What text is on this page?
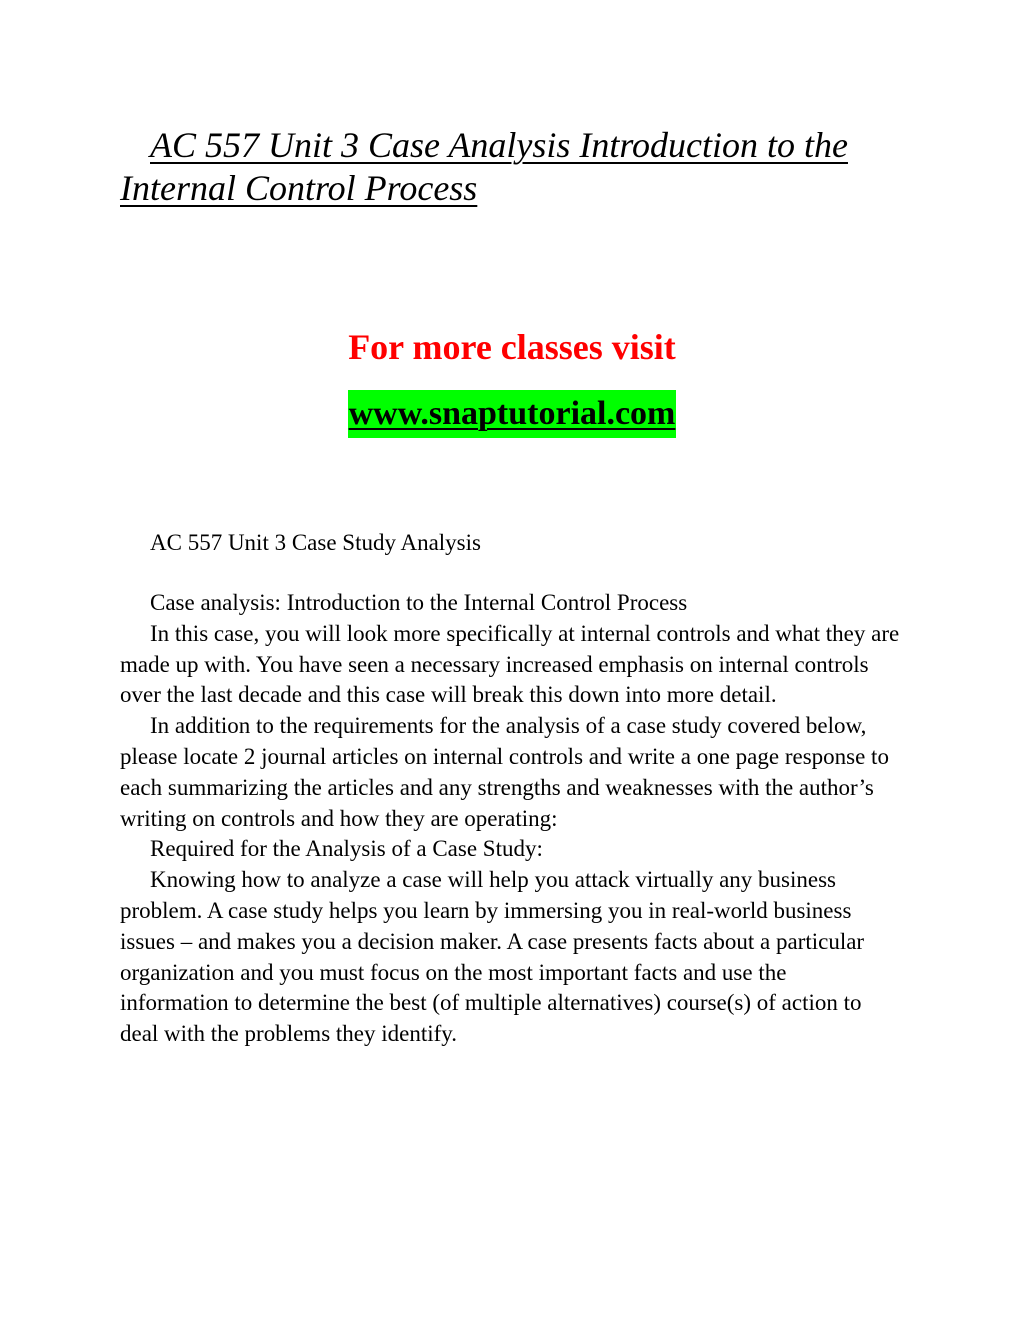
AC 557 Unit 3 Case Analysis Introduction to the Internal Control Process

For more classes visit

www.snaptutorial.com

AC 557 Unit 3 Case Study Analysis

Case analysis: Introduction to the Internal Control Process

In this case, you will look more specifically at internal controls and what they are made up with. You have seen a necessary increased emphasis on internal controls over the last decade and this case will break this down into more detail.

In addition to the requirements for the analysis of a case study covered below, please locate 2 journal articles on internal controls and write a one page response to each summarizing the articles and any strengths and weaknesses with the author’s writing on controls and how they are operating:

Required for the Analysis of a Case Study:

Knowing how to analyze a case will help you attack virtually any business problem. A case study helps you learn by immersing you in real-world business issues – and makes you a decision maker. A case presents facts about a particular organization and you must focus on the most important facts and use the information to determine the best (of multiple alternatives) course(s) of action to deal with the problems they identify.
